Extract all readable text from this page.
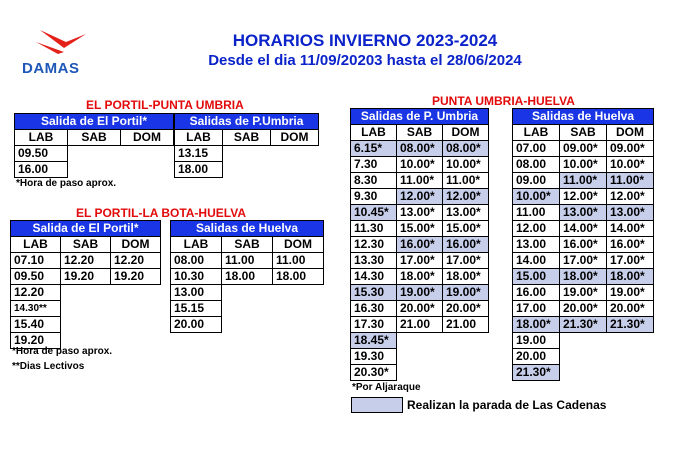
DAMAS
HORARIOS INVIERNO 2023-2024
Desde el dia 11/09/20203 hasta el 28/06/2024
EL PORTIL-PUNTA UMBRIA
Salida de El Portil*		
LAB	SAB	DOM
09.50		
16.00		
Salidas de P.Umbria		
LAB	SAB	DOM
13.15		
18.00		
*Hora de paso aprox.
EL PORTIL-LA BOTA-HUELVA
Salida de El Portil*		
LAB	SAB	DOM
07.10	12.20	12.20
09.50	19.20	19.20
12.20		
14.30**		
15.40		
19.20		
Salidas de Huelva		
LAB	SAB	DOM
08.00	11.00	11.00
10.30	18.00	18.00
13.00		
15.15		
20.00		
*Hora de paso aprox.
**Dias Lectivos
PUNTA UMBRIA-HUELVA
Salidas de P. Umbria		
LAB	SAB	DOM
6.15*	08.00*	08.00*
7.30	10.00*	10.00*
8.30	11.00*	11.00*
9.30	12.00*	12.00*
10.45*	13.00*	13.00*
11.30	15.00*	15.00*
12.30	16.00*	16.00*
13.30	17.00*	17.00*
14.30	18.00*	18.00*
15.30	19.00*	19.00*
16.30	20.00*	20.00*
17.30	21.00	21.00
18.45*		
19.30		
20.30*		
Salidas de Huelva		
LAB	SAB	DOM
07.00	09.00*	09.00*
08.00	10.00*	10.00*
09.00	11.00*	11.00*
10.00*	12.00*	12.00*
11.00	13.00*	13.00*
12.00	14.00*	14.00*
13.00	16.00*	16.00*
14.00	17.00*	17.00*
15.00	18.00*	18.00*
16.00	19.00*	19.00*
17.00	20.00*	20.00*
18.00*	21.30*	21.30*
19.00		
20.00		
21.30*		
*Por Aljaraque
Realizan la parada de Las Cadenas
